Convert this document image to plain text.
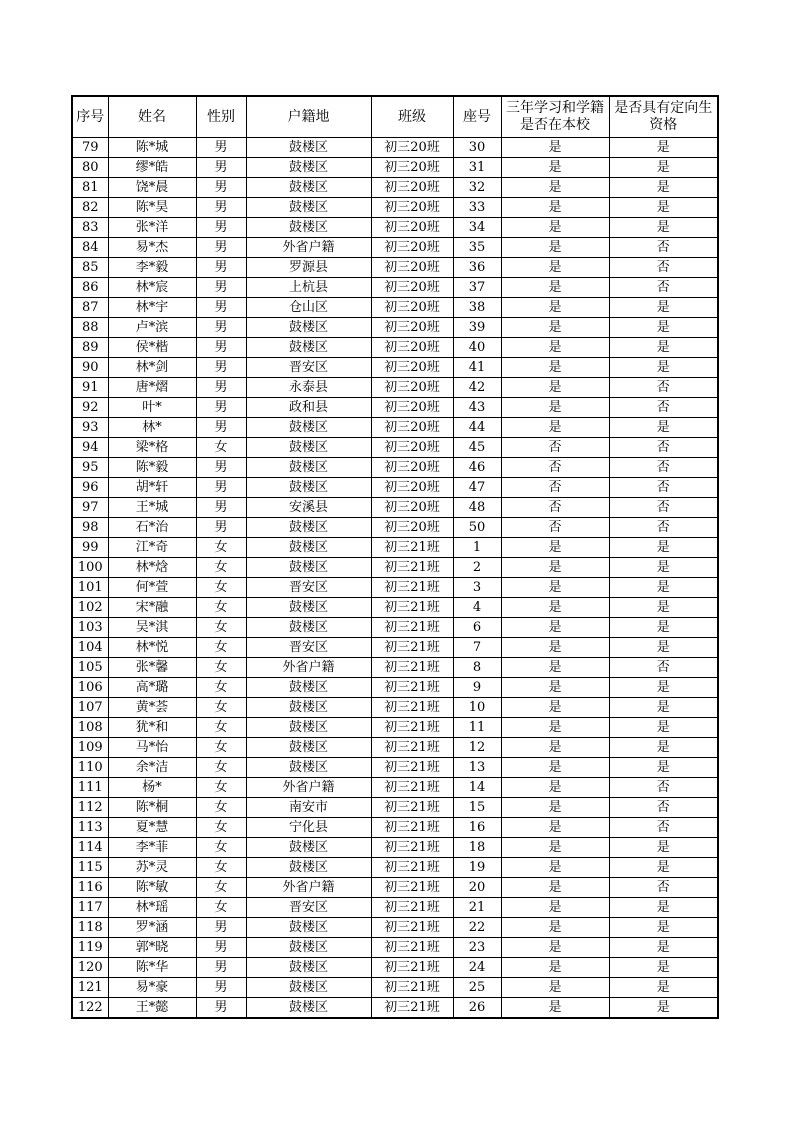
序号	姓名	性别	户籍地	班级	座号	三年学习和学籍是否在本校	是否具有定向生资格
79	陈*城	男	鼓楼区	初三20班	30	是	是
80	缪*皓	男	鼓楼区	初三20班	31	是	是
81	饶*晨	男	鼓楼区	初三20班	32	是	是
82	陈*昊	男	鼓楼区	初三20班	33	是	是
83	张*洋	男	鼓楼区	初三20班	34	是	是
84	易*杰	男	外省户籍	初三20班	35	是	否
85	李*毅	男	罗源县	初三20班	36	是	否
86	林*宸	男	上杭县	初三20班	37	是	否
87	林*宇	男	仓山区	初三20班	38	是	是
88	卢*滨	男	鼓楼区	初三20班	39	是	是
89	侯*楷	男	鼓楼区	初三20班	40	是	是
90	林*剑	男	晋安区	初三20班	41	是	是
91	唐*熠	男	永泰县	初三20班	42	是	否
92	叶*	男	政和县	初三20班	43	是	否
93	林*	男	鼓楼区	初三20班	44	是	是
94	梁*格	女	鼓楼区	初三20班	45	否	否
95	陈*毅	男	鼓楼区	初三20班	46	否	否
96	胡*轩	男	鼓楼区	初三20班	47	否	否
97	王*城	男	安溪县	初三20班	48	否	否
98	石*治	男	鼓楼区	初三20班	50	否	否
99	江*奇	女	鼓楼区	初三21班	1	是	是
100	林*焓	女	鼓楼区	初三21班	2	是	是
101	何*萱	女	晋安区	初三21班	3	是	是
102	宋*融	女	鼓楼区	初三21班	4	是	是
103	吴*淇	女	鼓楼区	初三21班	6	是	是
104	林*悦	女	晋安区	初三21班	7	是	是
105	张*馨	女	外省户籍	初三21班	8	是	否
106	高*璐	女	鼓楼区	初三21班	9	是	是
107	黄*荟	女	鼓楼区	初三21班	10	是	是
108	犹*和	女	鼓楼区	初三21班	11	是	是
109	马*怡	女	鼓楼区	初三21班	12	是	是
110	余*洁	女	鼓楼区	初三21班	13	是	是
111	杨*	女	外省户籍	初三21班	14	是	否
112	陈*桐	女	南安市	初三21班	15	是	否
113	夏*慧	女	宁化县	初三21班	16	是	否
114	李*菲	女	鼓楼区	初三21班	18	是	是
115	苏*灵	女	鼓楼区	初三21班	19	是	是
116	陈*敏	女	外省户籍	初三21班	20	是	否
117	林*瑶	女	晋安区	初三21班	21	是	是
118	罗*涵	男	鼓楼区	初三21班	22	是	是
119	郭*晓	男	鼓楼区	初三21班	23	是	是
120	陈*华	男	鼓楼区	初三21班	24	是	是
121	易*豪	男	鼓楼区	初三21班	25	是	是
122	王*懿	男	鼓楼区	初三21班	26	是	是
